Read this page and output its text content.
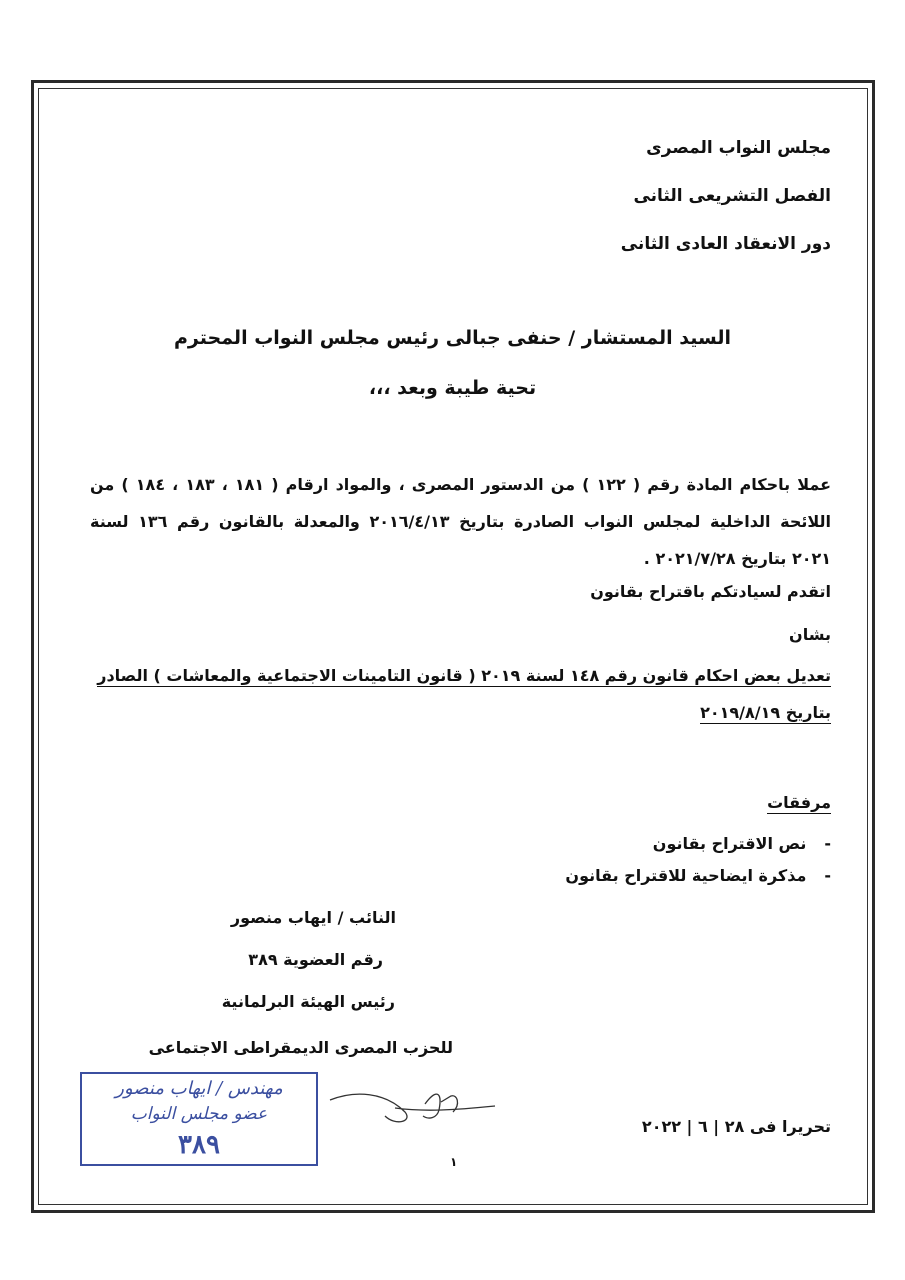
مجلس النواب المصرى
الفصل التشريعى الثانى
دور الانعقاد العادى الثانى
السيد المستشار / حنفى جبالى رئيس مجلس النواب المحترم
تحية طيبة وبعد ،،،
عملا باحكام المادة رقم ( ١٢٢ ) من الدستور المصرى ، والمواد ارقام ( ١٨١ ، ١٨٣ ، ١٨٤ ) من اللائحة الداخلية لمجلس النواب الصادرة بتاريخ ٢٠١٦/٤/١٣ والمعدلة بالقانون رقم ١٣٦ لسنة ٢٠٢١ بتاريخ ٢٠٢١/٧/٢٨ .
اتقدم لسيادتكم باقتراح بقانون
بشان
تعديل بعض احكام قانون رقم ١٤٨ لسنة ٢٠١٩ ( قانون التامينات الاجتماعية والمعاشات ) الصادر
بتاريخ ٢٠١٩/٨/١٩
مرفقات
-نص الاقتراح بقانون
-مذكرة ايضاحية للاقتراح بقانون
النائب / ايهاب منصور
رقم العضوية ٣٨٩
رئيس الهيئة البرلمانية
للحزب المصرى الديمقراطى الاجتماعى
مهندس / ايهاب منصور
عضو مجلس النواب
٣٨٩
تحريرا فى ٢٨ | ٦ | ٢٠٢٢
١
